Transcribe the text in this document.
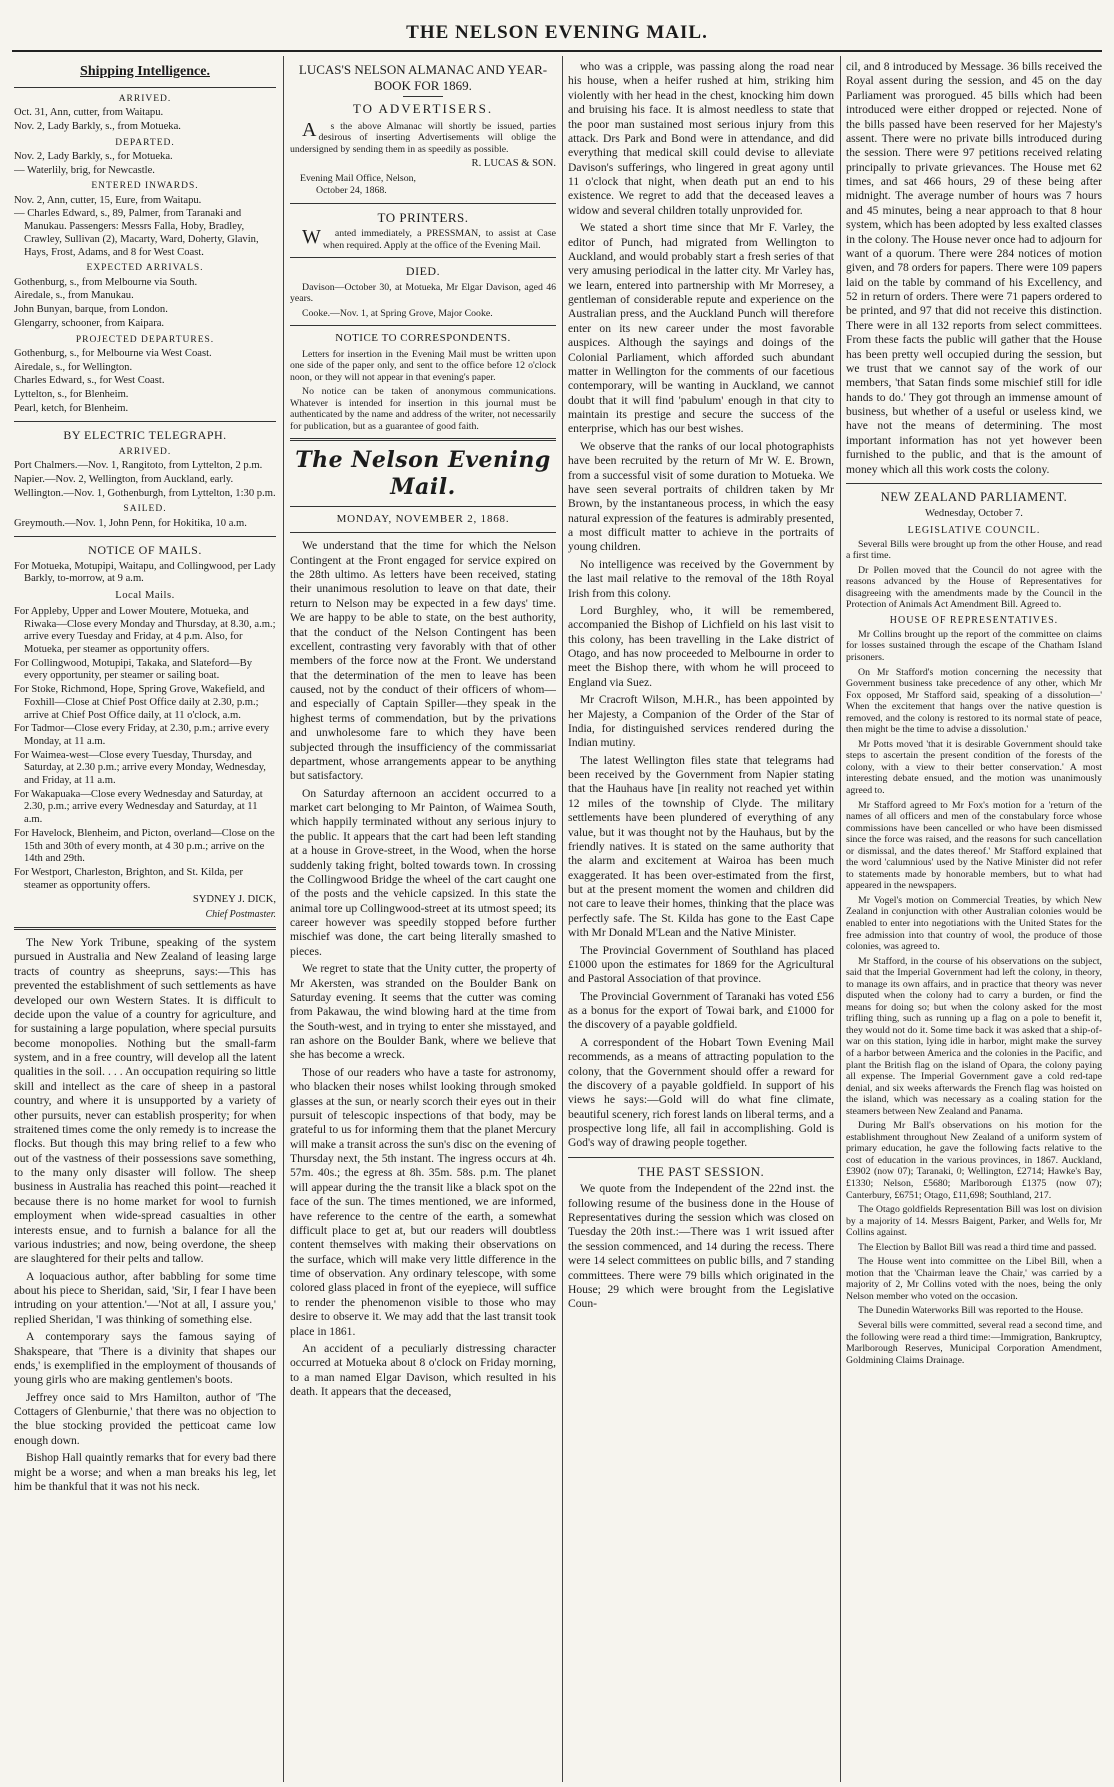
THE NELSON EVENING MAIL.
Shipping Intelligence.
ARRIVED.
Oct. 31, Ann, cutter, from Waitapu.
Nov. 2, Lady Barkly, s., from Motueka.
DEPARTED.
Nov. 2, Lady Barkly, s., for Motueka.
— Waterlily, brig, for Newcastle.
ENTERED INWARDS.
Nov. 2, Ann, cutter, 15, Eure, from Waitapu.
— Charles Edward, s., 89, Palmer, from Taranaki and Manukau. Passengers: Messrs Falla, Hoby, Bradley, Crawley, Sullivan (2), Macarty, Ward, Doherty, Glavin, Hays, Frost, Adams, and 8 for West Coast.
EXPECTED ARRIVALS.
Gothenburg, s., from Melbourne via South.
Airedale, s., from Manukau.
John Bunyan, barque, from London.
Glengarry, schooner, from Kaipara.
PROJECTED DEPARTURES.
Gothenburg, s., for Melbourne via West Coast.
Airedale, s., for Wellington.
Charles Edward, s., for West Coast.
Lyttelton, s., for Blenheim.
Pearl, ketch, for Blenheim.
BY ELECTRIC TELEGRAPH.
ARRIVED.
Port Chalmers.—Nov. 1, Rangitoto, from Lyttelton, 2 p.m.
Napier.—Nov. 2, Wellington, from Auckland, early.
Wellington.—Nov. 1, Gothenburgh, from Lyttelton, 1:30 p.m.
SAILED.
Greymouth.—Nov. 1, John Penn, for Hokitika, 10 a.m.
NOTICE OF MAILS.
For Motueka, Motupipi, Waitapu, and Collingwood, per Lady Barkly, to-morrow, at 9 a.m.
Local Mails.
For Appleby, Upper and Lower Moutere, Motueka, and Riwaka—Close every Monday and Thursday, at 8.30, a.m.; arrive every Tuesday and Friday, at 4 p.m. Also, for Motueka, per steamer as opportunity offers.
For Collingwood, Motupipi, Takaka, and Slateford—By every opportunity, per steamer or sailing boat.
For Stoke, Richmond, Hope, Spring Grove, Wakefield, and Foxhill—Close at Chief Post Office daily at 2.30, p.m.; arrive at Chief Post Office daily, at 11 o'clock, a.m.
For Tadmor—Close every Friday, at 2.30, p.m.; arrive every Monday, at 11 a.m.
For Waimea-west—Close every Tuesday, Thursday, and Saturday, at 2.30 p.m.; arrive every Monday, Wednesday, and Friday, at 11 a.m.
For Wakapuaka—Close every Wednesday and Saturday, at 2.30, p.m.; arrive every Wednesday and Saturday, at 11 a.m.
For Havelock, Blenheim, and Picton, overland—Close on the 15th and 30th of every month, at 4 30 p.m.; arrive on the 14th and 29th.
For Westport, Charleston, Brighton, and St. Kilda, per steamer as opportunity offers.
SYDNEY J. DICK,
Chief Postmaster.

The New York Tribune, speaking of the system pursued in Australia and New Zealand of leasing large tracts of country as sheepruns, says:—This has prevented the establishment of such settlements as have developed our own Western States. It is difficult to decide upon the value of a country for agriculture, and for sustaining a large population, where special pursuits become monopolies. Nothing but the small-farm system, and in a free country, will develop all the latent qualities in the soil. . . . An occupation requiring so little skill and intellect as the care of sheep in a pastoral country, and where it is unsupported by a variety of other pursuits, never can establish prosperity; for when straitened times come the only remedy is to increase the flocks. But though this may bring relief to a few who out of the vastness of their possessions save something, to the many only disaster will follow. The sheep business in Australia has reached this point—reached it because there is no home market for wool to furnish employment when wide-spread casualties in other interests ensue, and to furnish a balance for all the various industries; and now, being overdone, the sheep are slaughtered for their pelts and tallow.

A loquacious author, after babbling for some time about his piece to Sheridan, said, 'Sir, I fear I have been intruding on your attention.'—'Not at all, I assure you,' replied Sheridan, 'I was thinking of something else.

A contemporary says the famous saying of Shakspeare, that 'There is a divinity that shapes our ends,' is exemplified in the employment of thousands of young girls who are making gentlemen's boots.

Jeffrey once said to Mrs Hamilton, author of 'The Cottagers of Glenburnie,' that there was no objection to the blue stocking provided the petticoat came low enough down.

Bishop Hall quaintly remarks that for every bad there might be a worse; and when a man breaks his leg, let him be thankful that it was not his neck.

LUCAS'S NELSON ALMANAC AND YEAR-BOOK FOR 1869.
TO ADVERTISERS.

As the above Almanac will shortly be issued, parties desirous of inserting Advertisements will oblige the undersigned by sending them in as speedily as possible.

R. LUCAS & SON.
Evening Mail Office, Nelson,
October 24, 1868.
TO PRINTERS.

Wanted immediately, a PRESSMAN, to assist at Case when required. Apply at the office of the Evening Mail.

DIED.

Davison—October 30, at Motueka, Mr Elgar Davison, aged 46 years.

Cooke.—Nov. 1, at Spring Grove, Major Cooke.

NOTICE TO CORRESPONDENTS.

Letters for insertion in the Evening Mail must be written upon one side of the paper only, and sent to the office before 12 o'clock noon, or they will not appear in that evening's paper.

No notice can be taken of anonymous communications. Whatever is intended for insertion in this journal must be authenticated by the name and address of the writer, not necessarily for publication, but as a guarantee of good faith.

The Nelson Evening Mail.
MONDAY, NOVEMBER 2, 1868.

We understand that the time for which the Nelson Contingent at the Front engaged for service expired on the 28th ultimo. As letters have been received, stating their unanimous resolution to leave on that date, their return to Nelson may be expected in a few days' time. We are happy to be able to state, on the best authority, that the conduct of the Nelson Contingent has been excellent, contrasting very favorably with that of other members of the force now at the Front. We understand that the determination of the men to leave has been caused, not by the conduct of their officers of whom—and especially of Captain Spiller—they speak in the highest terms of commendation, but by the privations and unwholesome fare to which they have been subjected through the insufficiency of the commissariat department, whose arrangements appear to be anything but satisfactory.

On Saturday afternoon an accident occurred to a market cart belonging to Mr Painton, of Waimea South, which happily terminated without any serious injury to the public. It appears that the cart had been left standing at a house in Grove-street, in the Wood, when the horse suddenly taking fright, bolted towards town. In crossing the Collingwood Bridge the wheel of the cart caught one of the posts and the vehicle capsized. In this state the animal tore up Collingwood-street at its utmost speed; its career however was speedily stopped before further mischief was done, the cart being literally smashed to pieces.

We regret to state that the Unity cutter, the property of Mr Akersten, was stranded on the Boulder Bank on Saturday evening. It seems that the cutter was coming from Pakawau, the wind blowing hard at the time from the South-west, and in trying to enter she misstayed, and ran ashore on the Boulder Bank, where we believe that she has become a wreck.

Those of our readers who have a taste for astronomy, who blacken their noses whilst looking through smoked glasses at the sun, or nearly scorch their eyes out in their pursuit of telescopic inspections of that body, may be grateful to us for informing them that the planet Mercury will make a transit across the sun's disc on the evening of Thursday next, the 5th instant. The ingress occurs at 4h. 57m. 40s.; the egress at 8h. 35m. 58s. p.m. The planet will appear during the the transit like a black spot on the face of the sun. The times mentioned, we are informed, have reference to the centre of the earth, a somewhat difficult place to get at, but our readers will doubtless content themselves with making their observations on the surface, which will make very little difference in the time of observation. Any ordinary telescope, with some colored glass placed in front of the eyepiece, will suffice to render the phenomenon visible to those who may desire to observe it. We may add that the last transit took place in 1861.

An accident of a peculiarly distressing character occurred at Motueka about 8 o'clock on Friday morning, to a man named Elgar Davison, which resulted in his death. It appears that the deceased,

who was a cripple, was passing along the road near his house, when a heifer rushed at him, striking him violently with her head in the chest, knocking him down and bruising his face. It is almost needless to state that the poor man sustained most serious injury from this attack. Drs Park and Bond were in attendance, and did everything that medical skill could devise to alleviate Davison's sufferings, who lingered in great agony until 11 o'clock that night, when death put an end to his existence. We regret to add that the deceased leaves a widow and several children totally unprovided for.

We stated a short time since that Mr F. Varley, the editor of Punch, had migrated from Wellington to Auckland, and would probably start a fresh series of that very amusing periodical in the latter city. Mr Varley has, we learn, entered into partnership with Mr Morresey, a gentleman of considerable repute and experience on the Australian press, and the Auckland Punch will therefore enter on its new career under the most favorable auspices. Although the sayings and doings of the Colonial Parliament, which afforded such abundant matter in Wellington for the comments of our facetious contemporary, will be wanting in Auckland, we cannot doubt that it will find 'pabulum' enough in that city to maintain its prestige and secure the success of the enterprise, which has our best wishes.

We observe that the ranks of our local photographists have been recruited by the return of Mr W. E. Brown, from a successful visit of some duration to Motueka. We have seen several portraits of children taken by Mr Brown, by the instantaneous process, in which the easy natural expression of the features is admirably presented, a most difficult matter to achieve in the portraits of young children.

No intelligence was received by the Government by the last mail relative to the removal of the 18th Royal Irish from this colony.

Lord Burghley, who, it will be remembered, accompanied the Bishop of Lichfield on his last visit to this colony, has been travelling in the Lake district of Otago, and has now proceeded to Melbourne in order to meet the Bishop there, with whom he will proceed to England via Suez.

Mr Cracroft Wilson, M.H.R., has been appointed by her Majesty, a Companion of the Order of the Star of India, for distinguished services rendered during the Indian mutiny.

The latest Wellington files state that telegrams had been received by the Government from Napier stating that the Hauhaus have [in reality not reached yet within 12 miles of the township of Clyde. The military settlements have been plundered of everything of any value, but it was thought not by the Hauhaus, but by the friendly natives. It is stated on the same authority that the alarm and excitement at Wairoa has been much exaggerated. It has been over-estimated from the first, but at the present moment the women and children did not care to leave their homes, thinking that the place was perfectly safe. The St. Kilda has gone to the East Cape with Mr Donald M'Lean and the Native Minister.

The Provincial Government of Southland has placed £1000 upon the estimates for 1869 for the Agricultural and Pastoral Association of that province.

The Provincial Government of Taranaki has voted £56 as a bonus for the export of Towai bark, and £1000 for the discovery of a payable goldfield.

A correspondent of the Hobart Town Evening Mail recommends, as a means of attracting population to the colony, that the Government should offer a reward for the discovery of a payable goldfield. In support of his views he says:—Gold will do what fine climate, beautiful scenery, rich forest lands on liberal terms, and a prospective long life, all fail in accomplishing. Gold is God's way of drawing people together.

THE PAST SESSION.

We quote from the Independent of the 22nd inst. the following resume of the business done in the House of Representatives during the session which was closed on Tuesday the 20th inst.:—There was 1 writ issued after the session commenced, and 14 during the recess. There were 14 select committees on public bills, and 7 standing committees. There were 79 bills which originated in the House; 29 which were brought from the Legislative Coun-

cil, and 8 introduced by Message. 36 bills received the Royal assent during the session, and 45 on the day Parliament was prorogued. 45 bills which had been introduced were either dropped or rejected. None of the bills passed have been reserved for her Majesty's assent. There were no private bills introduced during the session. There were 97 petitions received relating principally to private grievances. The House met 62 times, and sat 466 hours, 29 of these being after midnight. The average number of hours was 7 hours and 45 minutes, being a near approach to that 8 hour system, which has been adopted by less exalted classes in the colony. The House never once had to adjourn for want of a quorum. There were 284 notices of motion given, and 78 orders for papers. There were 109 papers laid on the table by command of his Excellency, and 52 in return of orders. There were 71 papers ordered to be printed, and 97 that did not receive this distinction. There were in all 132 reports from select committees. From these facts the public will gather that the House has been pretty well occupied during the session, but we trust that we cannot say of the work of our members, 'that Satan finds some mischief still for idle hands to do.' They got through an immense amount of business, but whether of a useful or useless kind, we have not the means of determining. The most important information has not yet however been furnished to the public, and that is the amount of money which all this work costs the colony.

NEW ZEALAND PARLIAMENT.
Wednesday, October 7.
LEGISLATIVE COUNCIL.

Several Bills were brought up from the other House, and read a first time.

Dr Pollen moved that the Council do not agree with the reasons advanced by the House of Representatives for disagreeing with the amendments made by the Council in the Protection of Animals Act Amendment Bill. Agreed to.

HOUSE OF REPRESENTATIVES.

Mr Collins brought up the report of the committee on claims for losses sustained through the escape of the Chatham Island prisoners.

On Mr Stafford's motion concerning the necessity that Government business take precedence of any other, which Mr Fox opposed, Mr Stafford said, speaking of a dissolution—' When the excitement that hangs over the native question is removed, and the colony is restored to its normal state of peace, then might be the time to advise a dissolution.'

Mr Potts moved 'that it is desirable Government should take steps to ascertain the present condition of the forests of the colony, with a view to their better conservation.' A most interesting debate ensued, and the motion was unanimously agreed to.

Mr Stafford agreed to Mr Fox's motion for a 'return of the names of all officers and men of the constabulary force whose commissions have been cancelled or who have been dismissed since the force was raised, and the reasons for such cancellation or dismissal, and the dates thereof.' Mr Stafford explained that the word 'calumnious' used by the Native Minister did not refer to statements made by honorable members, but to what had appeared in the newspapers.

Mr Vogel's motion on Commercial Treaties, by which New Zealand in conjunction with other Australian colonies would be enabled to enter into negotiations with the United States for the free admission into that country of wool, the produce of those colonies, was agreed to.

Mr Stafford, in the course of his observations on the subject, said that the Imperial Government had left the colony, in theory, to manage its own affairs, and in practice that theory was never disputed when the colony had to carry a burden, or find the means for doing so; but when the colony asked for the most trifling thing, such as running up a flag on a pole to benefit it, they would not do it. Some time back it was asked that a ship-of-war on this station, lying idle in harbor, might make the survey of a harbor between America and the colonies in the Pacific, and plant the British flag on the island of Opara, the colony paying all expense. The Imperial Government gave a cold red-tape denial, and six weeks afterwards the French flag was hoisted on the island, which was necessary as a coaling station for the steamers between New Zealand and Panama.

During Mr Ball's observations on his motion for the establishment throughout New Zealand of a uniform system of primary education, he gave the following facts relative to the cost of education in the various provinces, in 1867. Auckland, £3902 (now 07); Taranaki, 0; Wellington, £2714; Hawke's Bay, £1330; Nelson, £5680; Marlborough £1375 (now 07); Canterbury, £6751; Otago, £11,698; Southland, 217.

The Otago goldfields Representation Bill was lost on division by a majority of 14. Messrs Baigent, Parker, and Wells for, Mr Collins against.

The Election by Ballot Bill was read a third time and passed.

The House went into committee on the Libel Bill, when a motion that the 'Chairman leave the Chair,' was carried by a majority of 2, Mr Collins voted with the noes, being the only Nelson member who voted on the occasion.

The Dunedin Waterworks Bill was reported to the House.

Several bills were committed, several read a second time, and the following were read a third time:—Immigration, Bankruptcy, Marlborough Reserves, Municipal Corporation Amendment, Goldmining Claims Drainage.
